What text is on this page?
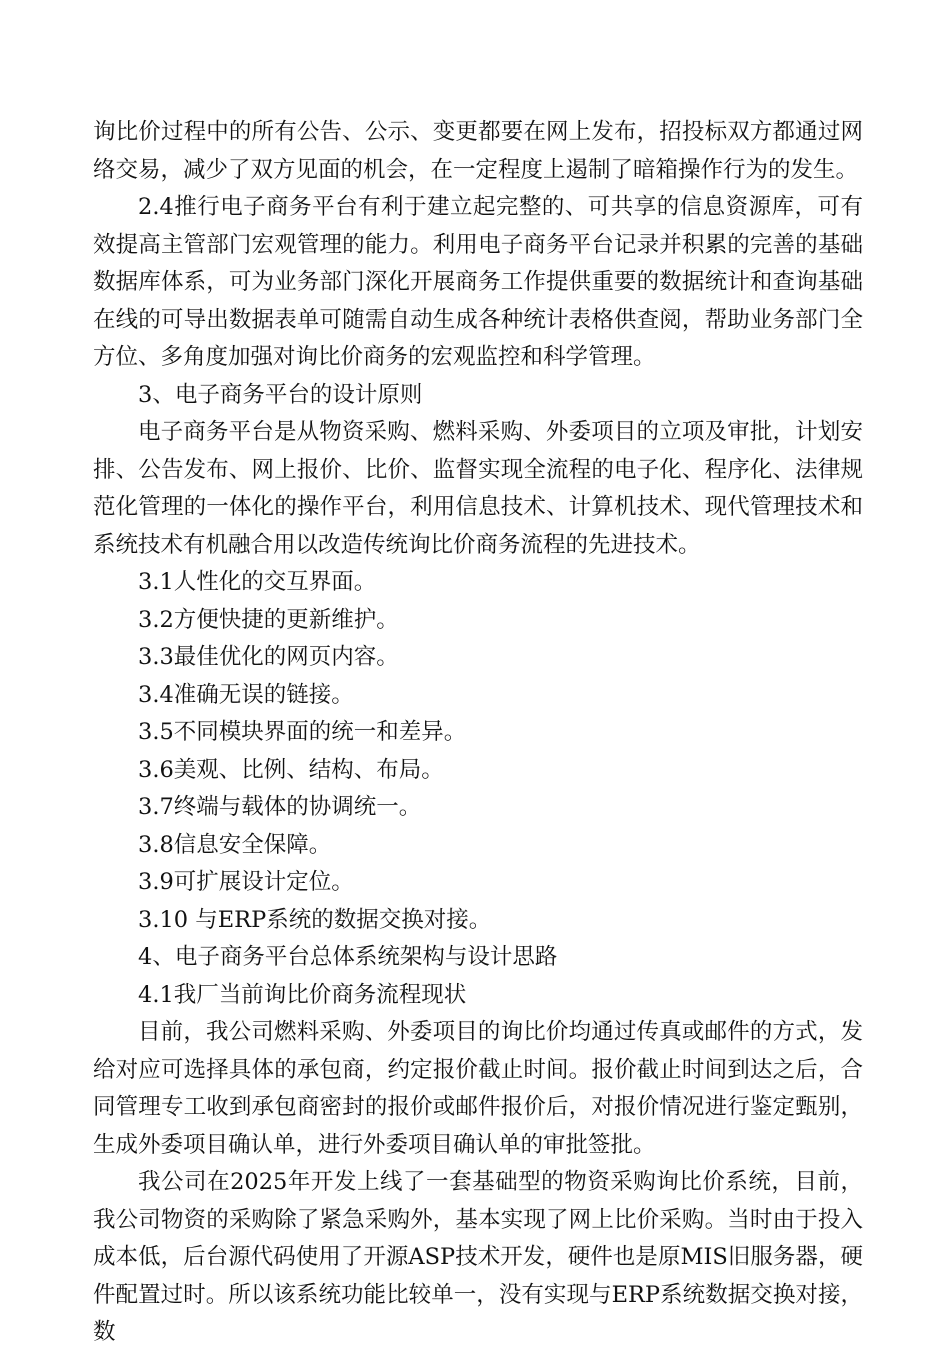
询比价过程中的所有公告、公示、变更都要在网上发布，招投标双方都通过网络交易，减少了双方见面的机会，在一定程度上遏制了暗箱操作行为的发生。

2.4推行电子商务平台有利于建立起完整的、可共享的信息资源库，可有效提高主管部门宏观管理的能力。利用电子商务平台记录并积累的完善的基础数据库体系，可为业务部门深化开展商务工作提供重要的数据统计和查询基础在线的可导出数据表单可随需自动生成各种统计表格供查阅，帮助业务部门全方位、多角度加强对询比价商务的宏观监控和科学管理。

3、电子商务平台的设计原则

电子商务平台是从物资采购、燃料采购、外委项目的立项及审批，计划安排、公告发布、网上报价、比价、监督实现全流程的电子化、程序化、法律规范化管理的一体化的操作平台，利用信息技术、计算机技术、现代管理技术和系统技术有机融合用以改造传统询比价商务流程的先进技术。

3.1人性化的交互界面。

3.2方便快捷的更新维护。

3.3最佳优化的网页内容。

3.4准确无误的链接。

3.5不同模块界面的统一和差异。

3.6美观、比例、结构、布局。

3.7终端与载体的协调统一。

3.8信息安全保障。

3.9可扩展设计定位。

3.10 与ERP系统的数据交换对接。

4、电子商务平台总体系统架构与设计思路

4.1我厂当前询比价商务流程现状

目前，我公司燃料采购、外委项目的询比价均通过传真或邮件的方式，发给对应可选择具体的承包商，约定报价截止时间。报价截止时间到达之后，合同管理专工收到承包商密封的报价或邮件报价后，对报价情况进行鉴定甄别，生成外委项目确认单，进行外委项目确认单的审批签批。

我公司在2025年开发上线了一套基础型的物资采购询比价系统，目前，我公司物资的采购除了紧急采购外，基本实现了网上比价采购。当时由于投入成本低，后台源代码使用了开源ASP技术开发，硬件也是原MIS旧服务器，硬件配置过时。所以该系统功能比较单一，没有实现与ERP系统数据交换对接，数
